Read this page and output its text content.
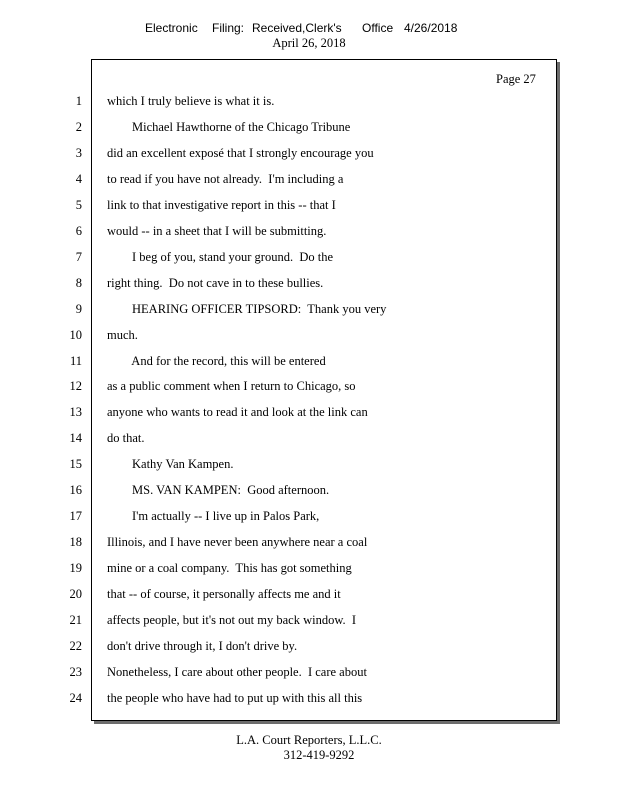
Electronic Filing: Received,Clerk's Office 4/26/2018
April 26, 2018
Page 27
1 which I truly believe is what it is.
2 Michael Hawthorne of the Chicago Tribune
3 did an excellent exposé that I strongly encourage you
4 to read if you have not already.  I'm including a
5 link to that investigative report in this -- that I
6 would -- in a sheet that I will be submitting.
7 I beg of you, stand your ground.  Do the
8 right thing.  Do not cave in to these bullies.
9 HEARING OFFICER TIPSORD:  Thank you very
10 much.
11 And for the record, this will be entered
12 as a public comment when I return to Chicago, so
13 anyone who wants to read it and look at the link can
14 do that.
15 Kathy Van Kampen.
16 MS. VAN KAMPEN:  Good afternoon.
17 I'm actually -- I live up in Palos Park,
18 Illinois, and I have never been anywhere near a coal
19 mine or a coal company.  This has got something
20 that -- of course, it personally affects me and it
21 affects people, but it's not out my back window.  I
22 don't drive through it, I don't drive by.
23 Nonetheless, I care about other people.  I care about
24 the people who have had to put up with this all this
L.A. Court Reporters, L.L.C.
312-419-9292
